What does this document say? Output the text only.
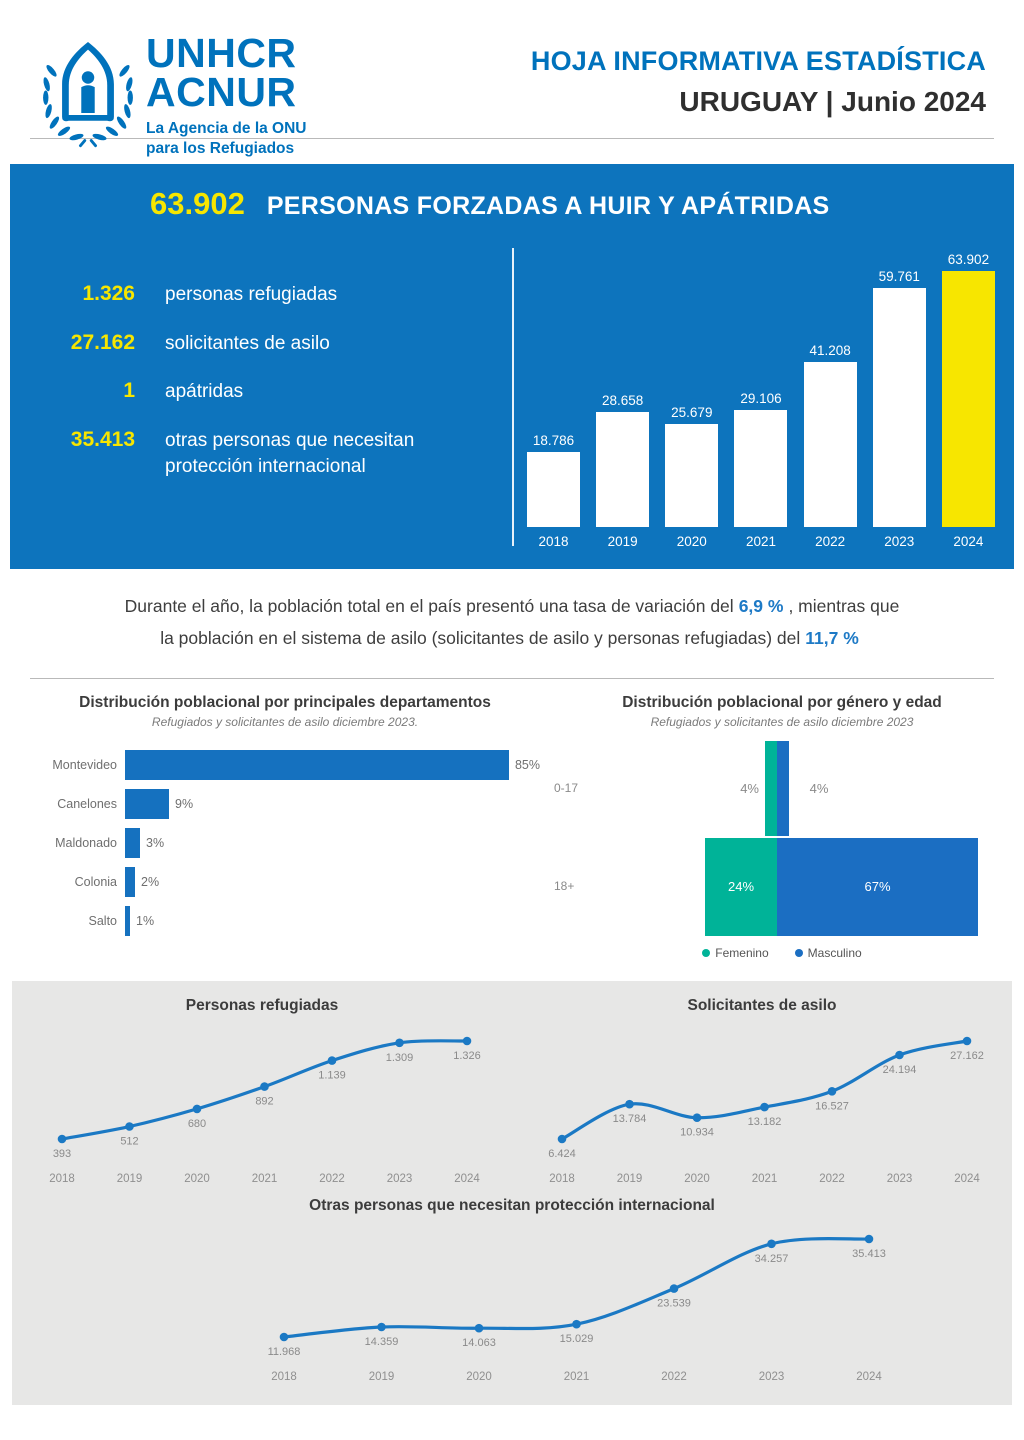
UNHCR
ACNUR
La Agencia de la ONU
para los Refugiados
HOJA INFORMATIVA ESTADÍSTICA
URUGUAY | Junio 2024
63.902 PERSONAS FORZADAS A HUIR Y APÁTRIDAS
1.326 personas refugiadas
27.162 solicitantes de asilo
1 apátridas
35.413 otras personas que necesitan protección internacional
18.786
2018
28.658
2019
25.679
2020
29.106
2021
41.208
2022
59.761
2023
63.902
2024
Durante el año, la población total en el país presentó una tasa de variación del 6,9 % , mientras que
la población en el sistema de asilo (solicitantes de asilo y personas refugiadas) del 11,7 %
Distribución poblacional por principales departamentos
Refugiados y solicitantes de asilo diciembre 2023.
Montevideo	85%
Canelones	9%
Maldonado	3%
Colonia	2%
Salto	1%
Distribución poblacional por género y edad
Refugiados y solicitantes de asilo diciembre 2023
Femenino	Masculino
0-17	4%	4%
18+	24%	67%
Personas refugiadas
393
2018
512
2019
680
2020
892
2021
1.139
2022
1.309
2023
1.326
2024
Solicitantes de asilo
6.424
2018
13.784
2019
10.934
2020
13.182
2021
16.527
2022
24.194
2023
27.162
2024
Otras personas que necesitan protección internacional
11.968
2018
14.359
2019
14.063
2020
15.029
2021
23.539
2022
34.257
2023
35.413
2024
